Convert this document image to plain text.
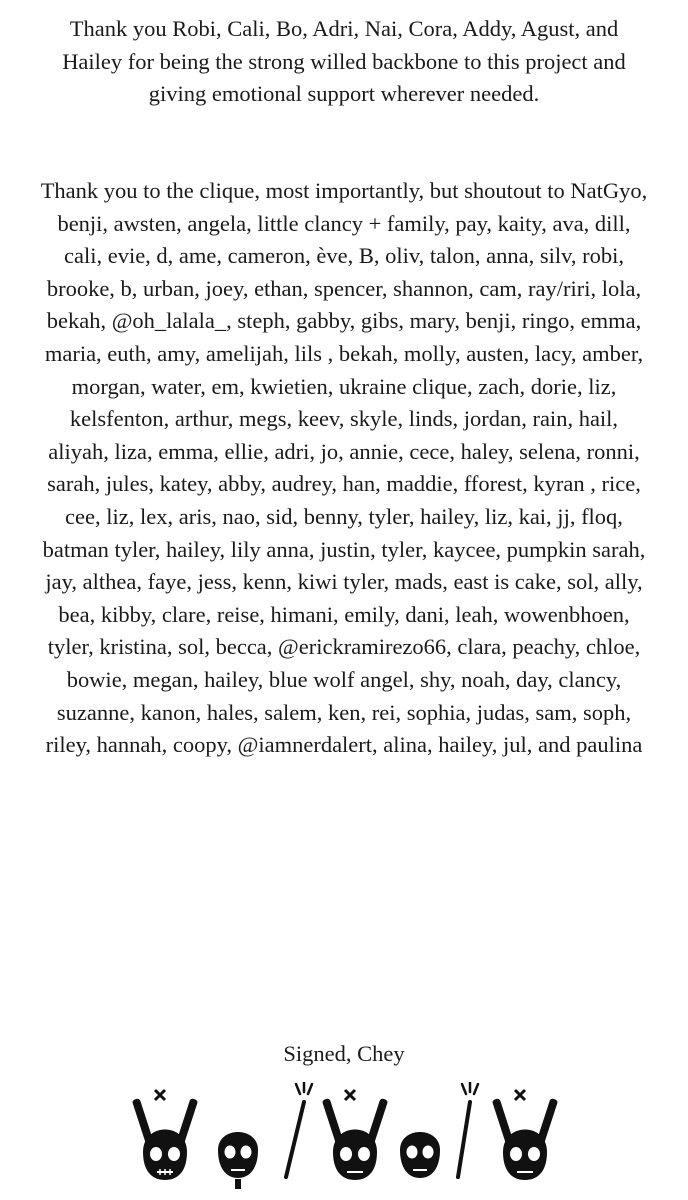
Thank you Robi, Cali, Bo, Adri, Nai, Cora, Addy, Agust, and Hailey for being the strong willed backbone to this project and giving emotional support wherever needed.

Thank you to the clique, most importantly, but shoutout to NatGyo, benji, awsten, angela, little clancy + family, pay, kaity, ava, dill, cali, evie, d, ame, cameron, ève, B, oliv, talon, anna, silv, robi, brooke, b, urban, joey, ethan, spencer, shannon, cam, ray/riri, lola, bekah, @oh_lalala_, steph, gabby, gibs, mary, benji, ringo, emma, maria, euth, amy, amelijah, lils , bekah, molly, austen, lacy, amber, morgan, water, em, kwietien, ukraine clique, zach, dorie, liz, kelsfenton, arthur, megs, keev, skyle, linds, jordan, rain, hail, aliyah, liza, emma, ellie, adri, jo, annie, cece, haley, selena, ronni, sarah, jules, katey, abby, audrey, han, maddie, fforest, kyran , rice, cee, liz, lex, aris, nao, sid, benny, tyler, hailey, liz, kai, jj, floq, batman tyler, hailey, lily anna, justin, tyler, kaycee, pumpkin sarah, jay, althea, faye, jess, kenn, kiwi tyler, mads, east is cake, sol, ally, bea, kibby, clare, reise, himani, emily, dani, leah, wowenbhoen, tyler, kristina, sol, becca, @erickramirezo66, clara, peachy, chloe, bowie, megan, hailey, blue wolf angel, shy, noah, day, clancy, suzanne, kanon, hales, salem, ken, rei, sophia, judas, sam, soph, riley, hannah, coopy, @iamnerdalert, alina, hailey, jul, and paulina

Signed, Chey
